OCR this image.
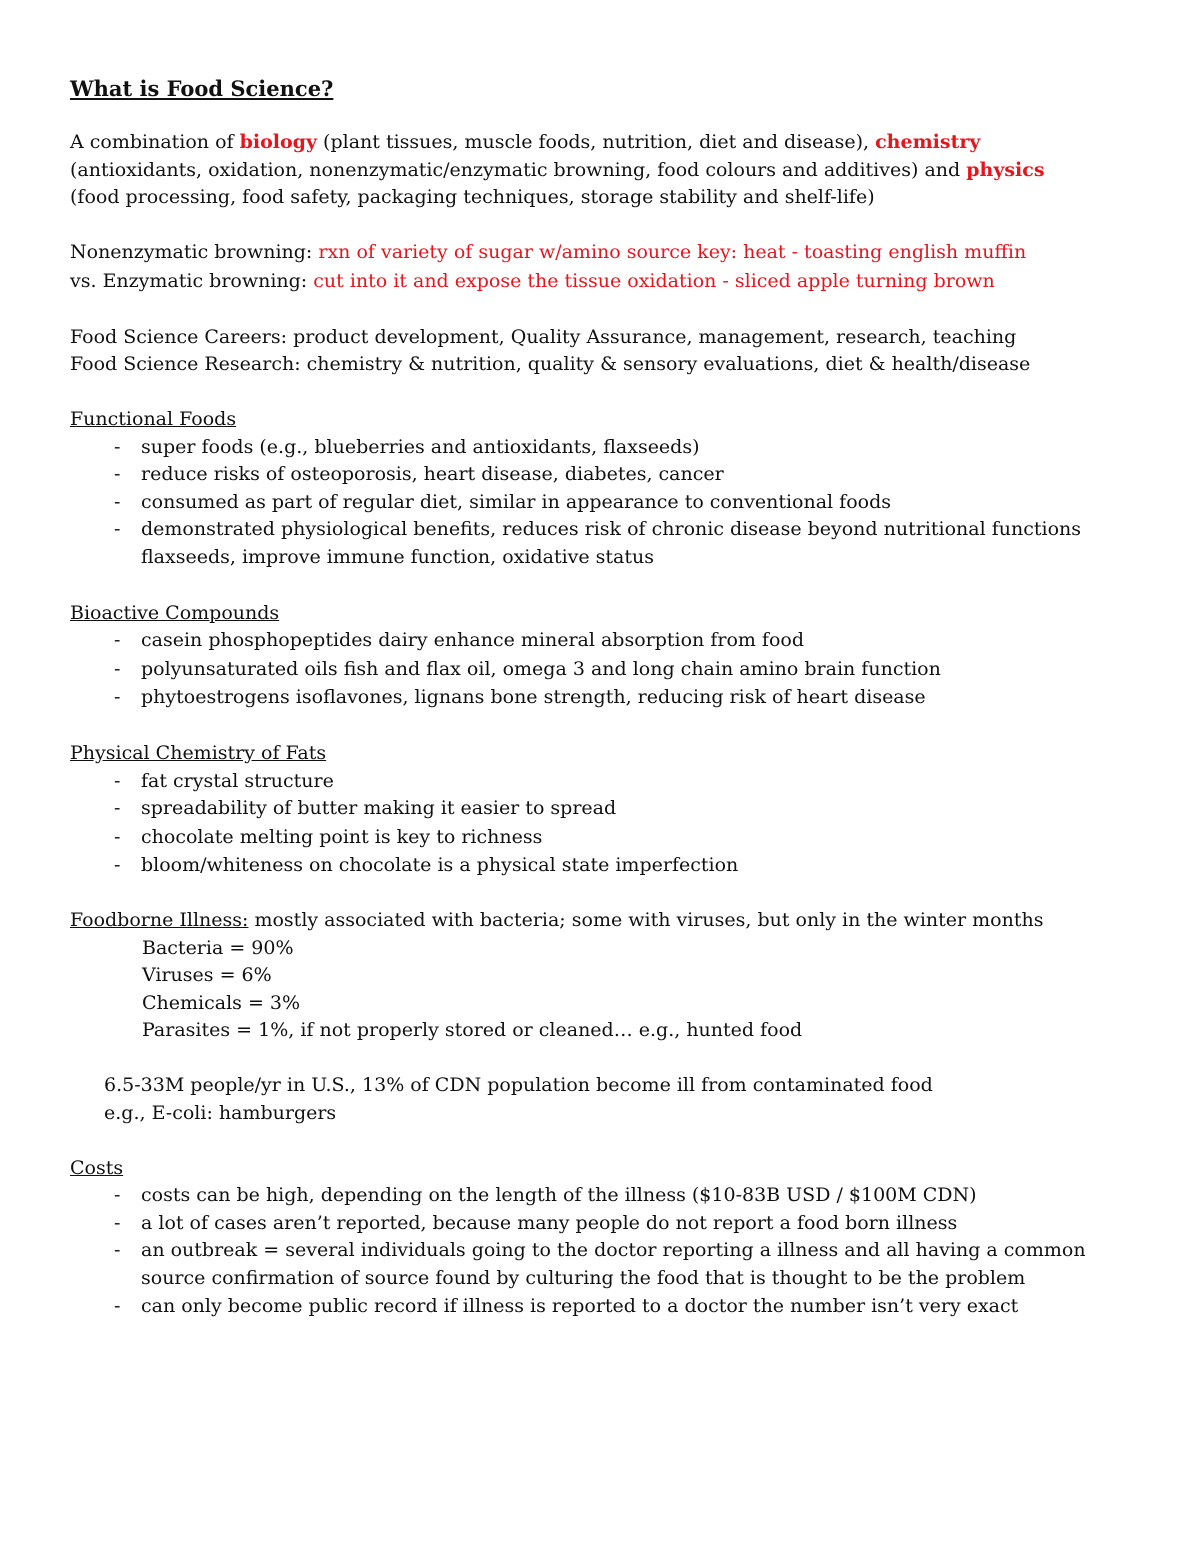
What is Food Science?

A combination of biology (plant tissues, muscle foods, nutrition, diet and disease), chemistry

(antioxidants, oxidation, nonenzymatic/enzymatic browning, food colours and additives) and physics

(food processing, food safety, packaging techniques, storage stability and shelf-life)

Nonenzymatic browning: rxn of variety of sugar w/amino source key: heat - toasting english muffin

vs. Enzymatic browning: cut into it and expose the tissue oxidation - sliced apple turning brown

Food Science Careers: product development, Quality Assurance, management, research, teaching

Food Science Research: chemistry & nutrition, quality & sensory evaluations, diet & health/disease

Functional Foods

- super foods (e.g., blueberries and antioxidants, flaxseeds)
- reduce risks of osteoporosis, heart disease, diabetes, cancer
- consumed as part of regular diet, similar in appearance to conventional foods
- demonstrated physiological benefits, reduces risk of chronic disease beyond nutritional functions
flaxseeds, improve immune function, oxidative status

Bioactive Compounds

- casein phosphopeptides dairy enhance mineral absorption from food
- polyunsaturated oils fish and flax oil, omega 3 and long chain amino brain function
- phytoestrogens isoflavones, lignans bone strength, reducing risk of heart disease

Physical Chemistry of Fats

- fat crystal structure
- spreadability of butter making it easier to spread
- chocolate melting point is key to richness
- bloom/whiteness on chocolate is a physical state imperfection

Foodborne Illness: mostly associated with bacteria; some with viruses, but only in the winter months

Bacteria = 90%

Viruses = 6%

Chemicals = 3%

Parasites = 1%, if not properly stored or cleaned… e.g., hunted food

6.5-33M people/yr in U.S., 13% of CDN population become ill from contaminated food

e.g., E-coli: hamburgers

Costs

- costs can be high, depending on the length of the illness ($10-83B USD / $100M CDN)
- a lot of cases aren’t reported, because many people do not report a food born illness
- an outbreak = several individuals going to the doctor reporting a illness and all having a common
source confirmation of source found by culturing the food that is thought to be the problem
- can only become public record if illness is reported to a doctor the number isn’t very exact
